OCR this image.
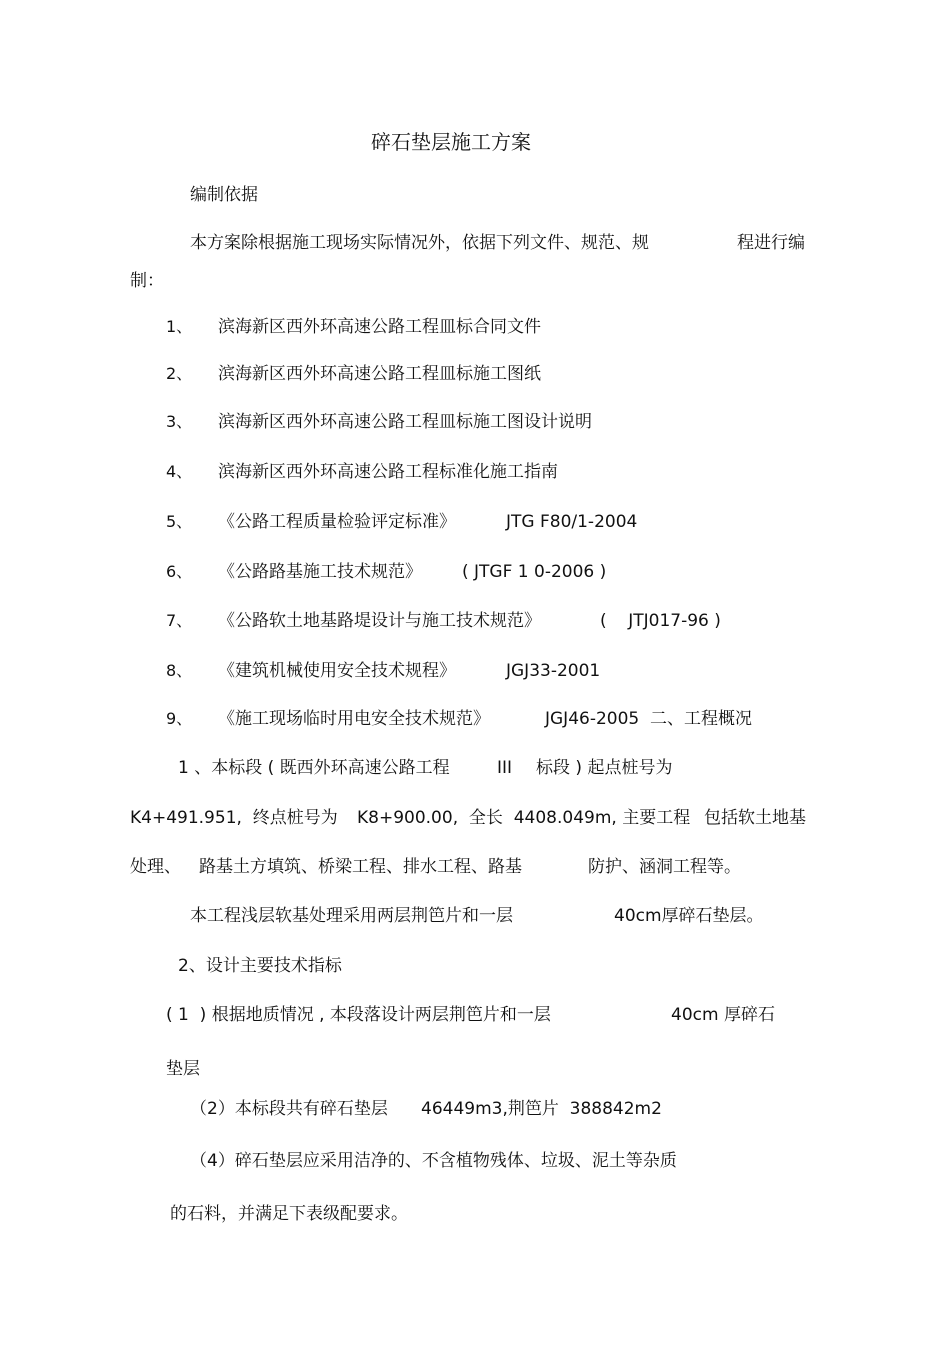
碎石垫层施工方案
编制依据
本方案除根据施工现场实际情况外，依据下列文件、规范、规	程进行编
制：
1、 滨海新区西外环高速公路工程皿标合同文件
2、 滨海新区西外环高速公路工程皿标施工图纸
3、 滨海新区西外环高速公路工程皿标施工图设计说明
4、 滨海新区西外环高速公路工程标准化施工指南
5、 《公路工程质量检验评定标准》	JTG F80/1-2004
6、 《公路路基施工技术规范》 ( JTGF 1 0-2006 )
7、 《公路软土地基路堤设计与施工技术规范》	(    JTJ017-96 )
8、 《建筑机械使用安全技术规程》	JGJ33-2001
9、 《施工现场临时用电安全技术规范》	JGJ46-2005  二、工程概况
1 、本标段 ( 既西外环高速公路工程	III 标段 ) 起点桩号为
K4+491.951,  终点桩号为 K8+900.00,  全长  4408.049m, 主要工程 包括软土地基
处理、 路基土方填筑、桥梁工程、排水工程、路基	防护、涵洞工程等。
本工程浅层软基处理采用两层荆笆片和一层	40cm厚碎石垫层。
2、设计主要技术指标
( 1  ) 根据地质情况 , 本段落设计两层荆笆片和一层	40cm 厚碎石
垫层
（2）本标段共有碎石垫层 46449m3,荆笆片  388842m2
（4）碎石垫层应采用洁净的、不含植物残体、垃圾、泥土等杂质
的石料，并满足下表级配要求。
